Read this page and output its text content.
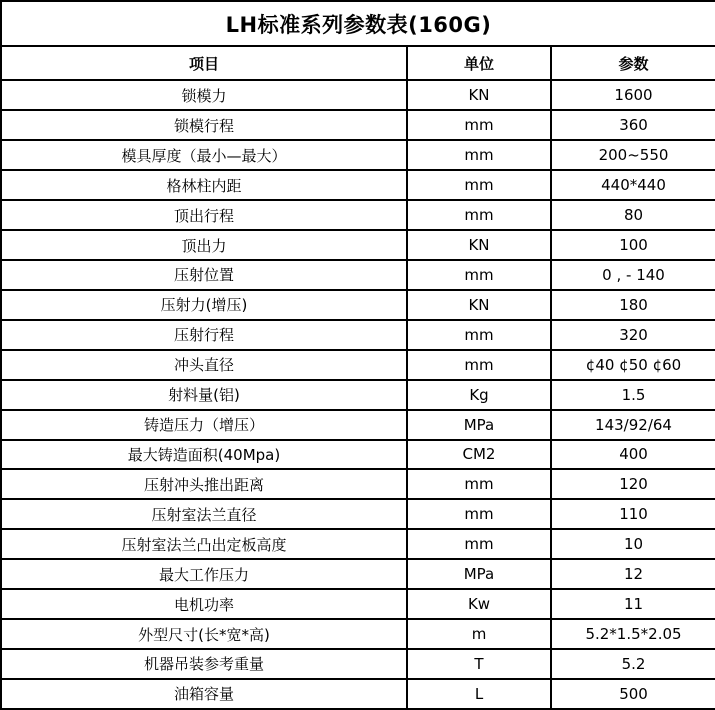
LH标准系列参数表(160G)		
项目	单位	参数
锁模力	KN	1600
锁模行程	mm	360
模具厚度（最小—最大）	mm	200~550
格林柱内距	mm	440*440
顶出行程	mm	80
顶出力	KN	100
压射位置	mm	0 , - 140
压射力(增压)	KN	180
压射行程	mm	320
冲头直径	mm	¢40 ¢50 ¢60
射料量(铝)	Kg	1.5
铸造压力（增压）	MPa	143/92/64
最大铸造面积(40Mpa)	CM2	400
压射冲头推出距离	mm	120
压射室法兰直径	mm	110
压射室法兰凸出定板高度	mm	10
最大工作压力	MPa	12
电机功率	Kw	11
外型尺寸(长*宽*高)	m	5.2*1.5*2.05
机器吊装参考重量	T	5.2
油箱容量	L	500
